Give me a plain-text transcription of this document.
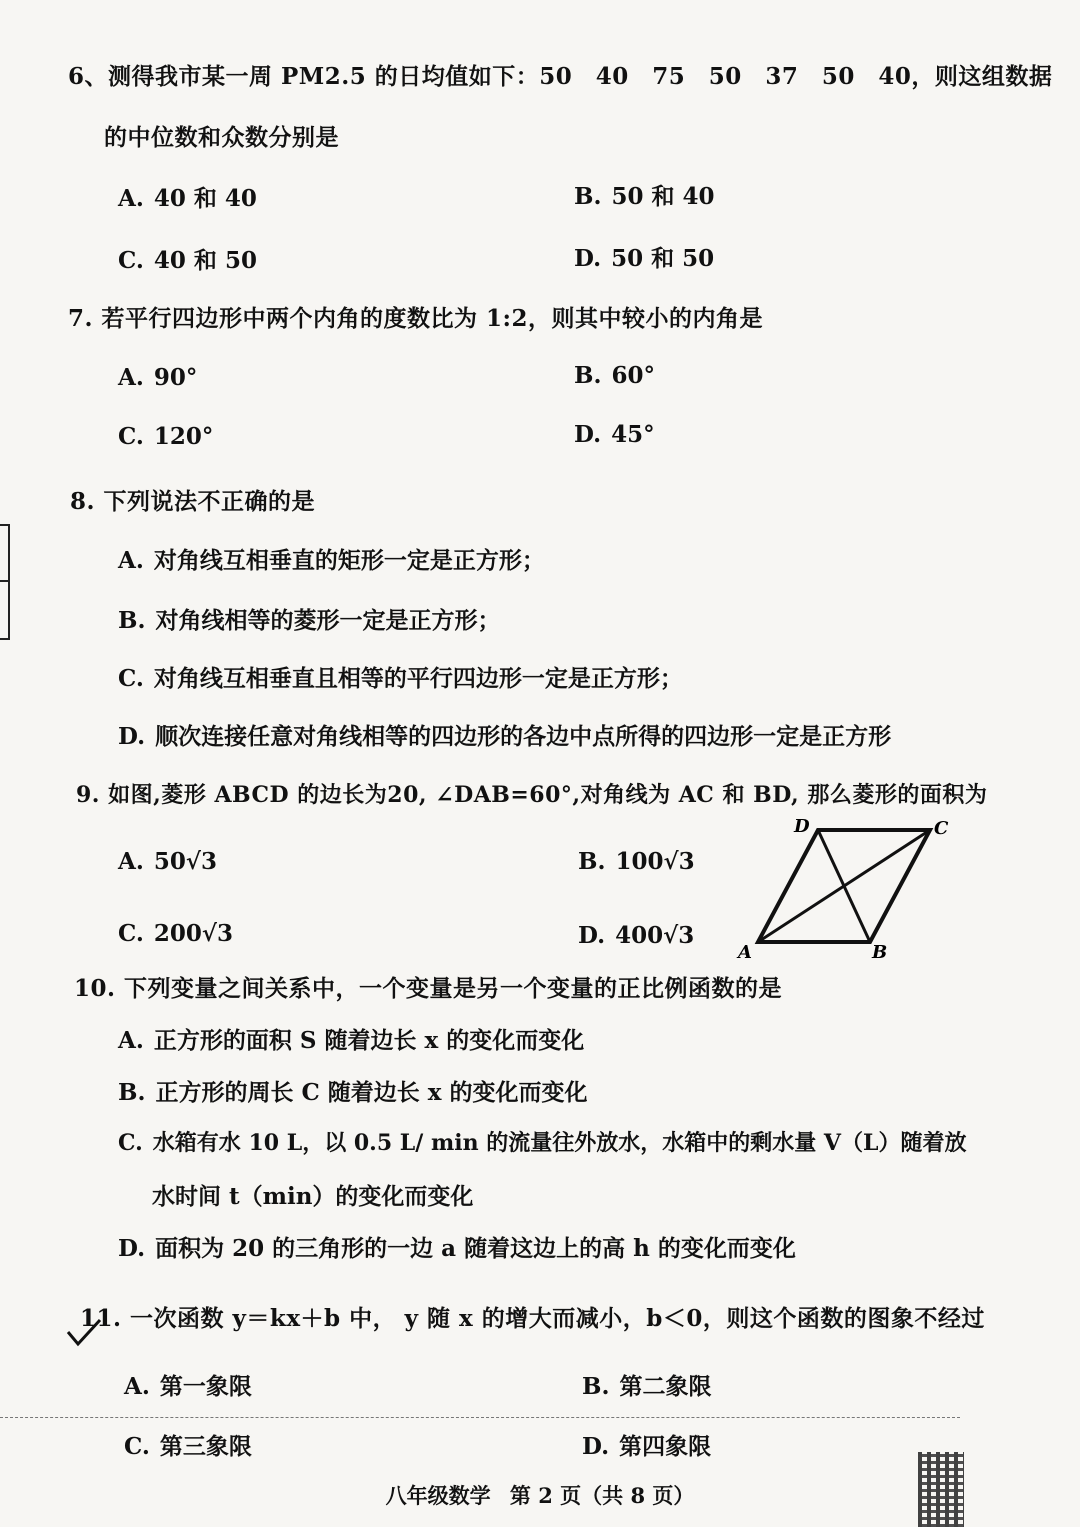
6、测得我市某一周 PM2.5 的日均值如下：50　40　75　50　37　50　40，则这组数据
的中位数和众数分别是
A. 40 和 40	B. 50 和 40
C. 40 和 50	D. 50 和 50
7. 若平行四边形中两个内角的度数比为 1:2，则其中较小的内角是
A. 90°	B. 60°
C. 120°	D. 45°
8. 下列说法不正确的是
A. 对角线互相垂直的矩形一定是正方形；
B. 对角线相等的菱形一定是正方形；
C. 对角线互相垂直且相等的平行四边形一定是正方形；
D. 顺次连接任意对角线相等的四边形的各边中点所得的四边形一定是正方形
9. 如图,菱形 ABCD 的边长为20, ∠DAB=60°,对角线为 AC 和 BD, 那么菱形的面积为
A. 50√3	B. 100√3
C. 200√3	D. 400√3
A	B
C
D
10. 下列变量之间关系中，一个变量是另一个变量的正比例函数的是
A. 正方形的面积 S 随着边长 x 的变化而变化
B. 正方形的周长 C 随着边长 x 的变化而变化
C. 水箱有水 10 L，以 0.5 L/ min 的流量往外放水，水箱中的剩水量 V（L）随着放
水时间 t（min）的变化而变化
D. 面积为 20 的三角形的一边 a 随着这边上的高 h 的变化而变化
11. 一次函数 y＝kx＋b 中， y 随 x 的增大而减小，b＜0，则这个函数的图象不经过
A. 第一象限	B. 第二象限
C. 第三象限	D. 第四象限
八年级数学 第 2 页（共 8 页）
